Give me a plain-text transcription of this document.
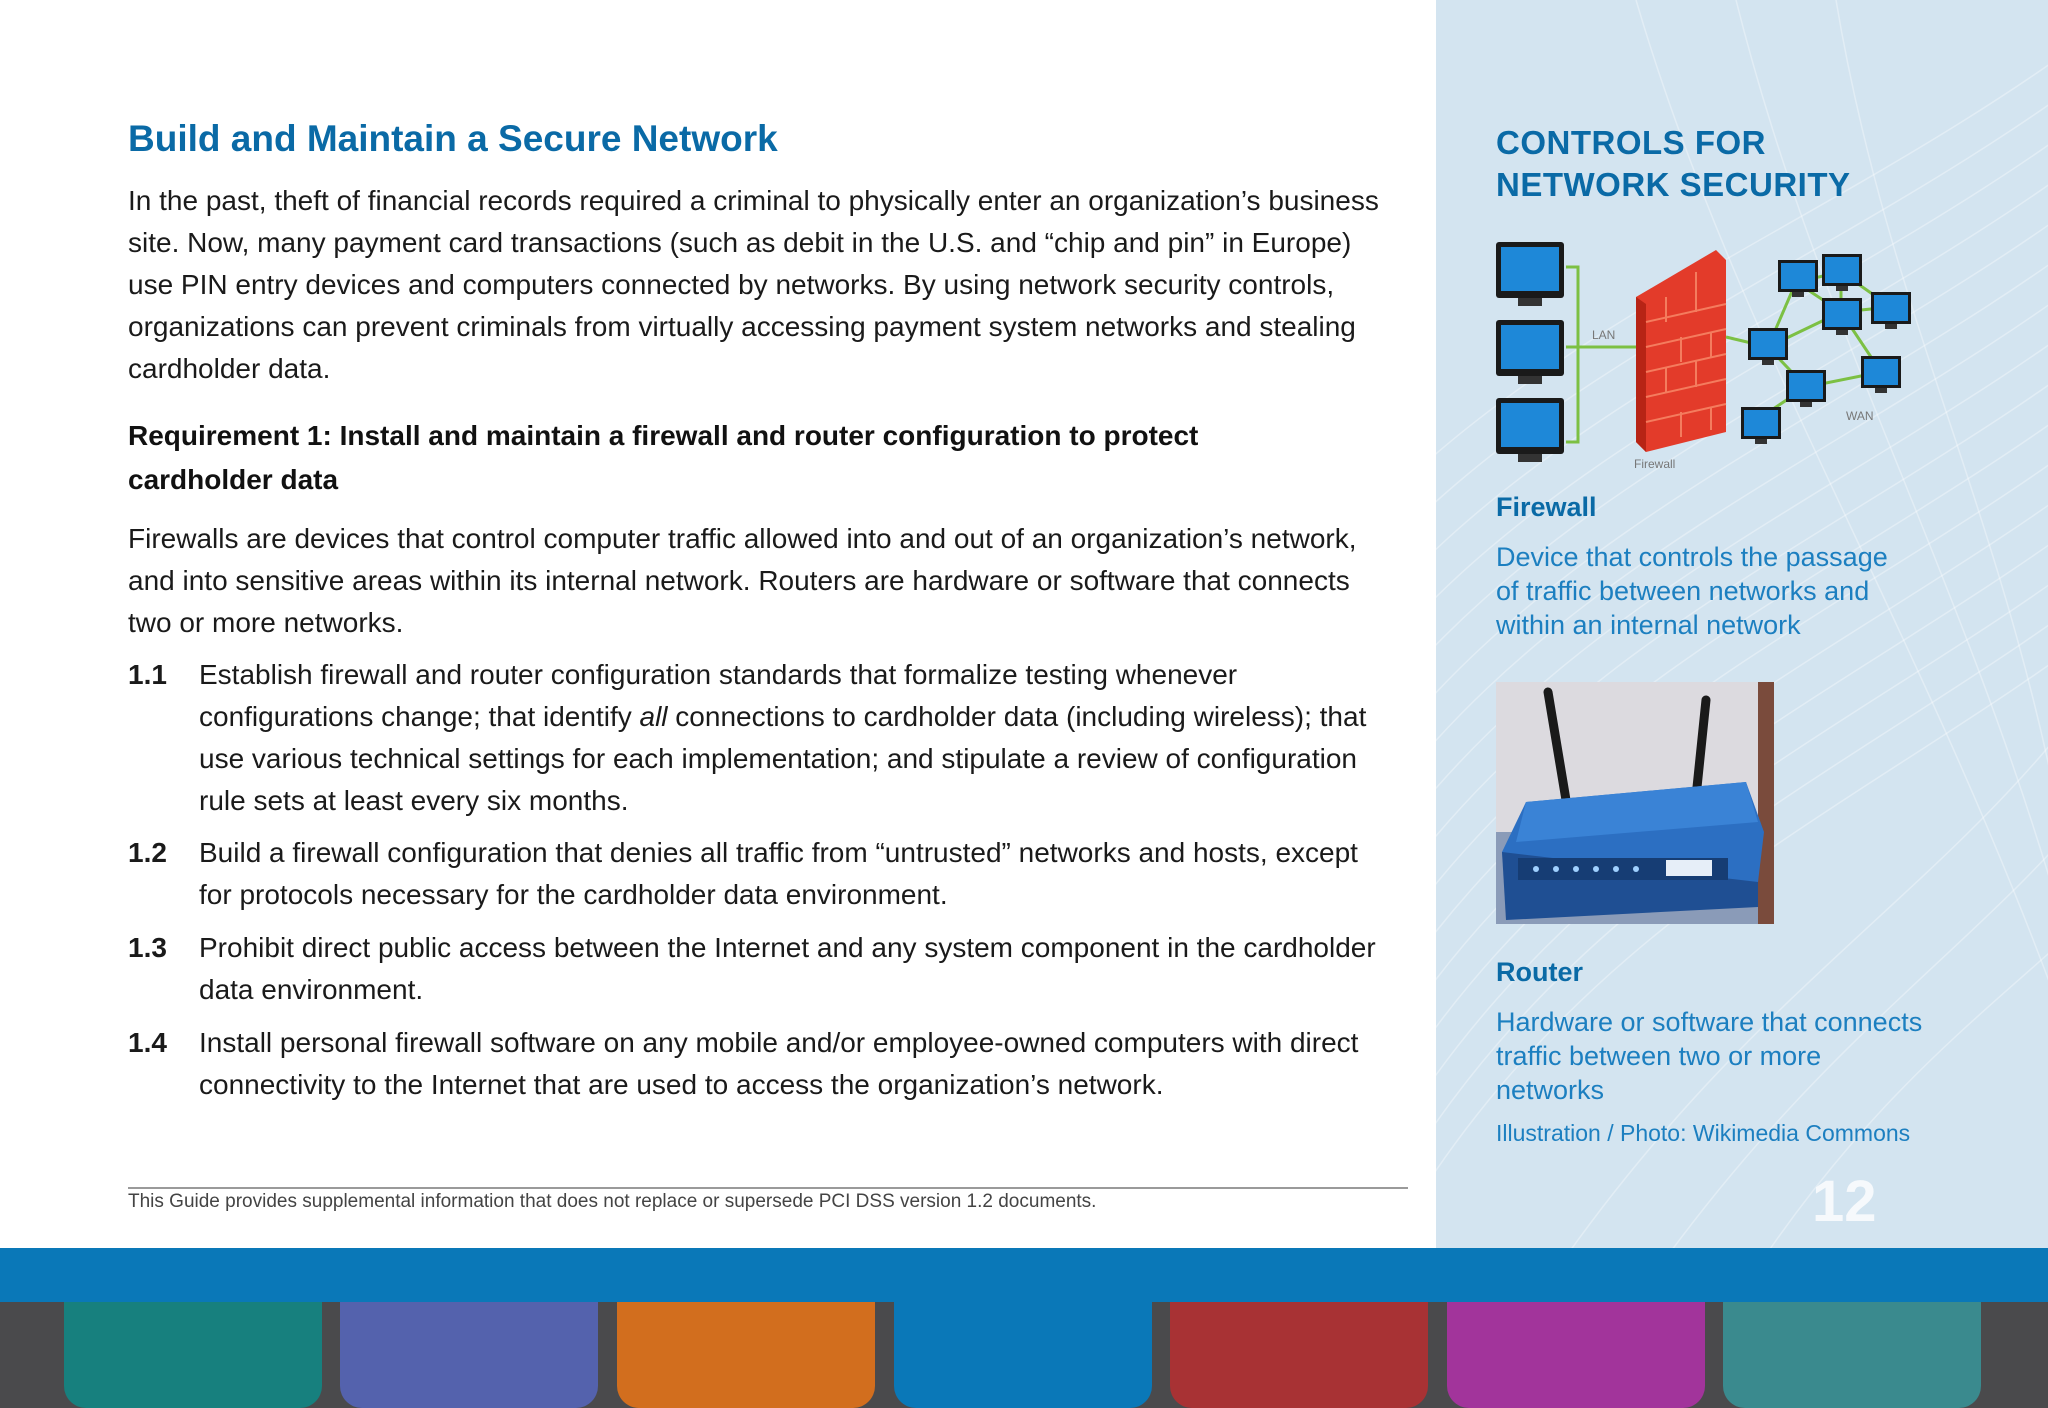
CONTROLS FOR
NETWORK SECURITY
LAN
Firewall
WAN
Firewall
Device that controls the passage
of traffic between networks and
within an internal network
Router
Hardware or software that connects
traffic between two or more
networks
Illustration / Photo: Wikimedia Commons
12
Build and Maintain a Secure Network
In the past, theft of financial records required a criminal to physically enter an organization’s business
site. Now, many payment card transactions (such as debit in the U.S. and “chip and pin” in Europe)
use PIN entry devices and computers connected by networks. By using network security controls,
organizations can prevent criminals from virtually accessing payment system networks and stealing
cardholder data.
Requirement 1: Install and maintain a firewall and router configuration to protect
cardholder data
Firewalls are devices that control computer traffic allowed into and out of an organization’s network,
and into sensitive areas within its internal network. Routers are hardware or software that connects
two or more networks.
1.1 Establish firewall and router configuration standards that formalize testing whenever
configurations change; that identify all connections to cardholder data (including wireless); that
use various technical settings for each implementation; and stipulate a review of configuration
rule sets at least every six months.
1.2 Build a firewall configuration that denies all traffic from “untrusted” networks and hosts, except
for protocols necessary for the cardholder data environment.
1.3 Prohibit direct public access between the Internet and any system component in the cardholder
data environment.
1.4 Install personal firewall software on any mobile and/or employee-owned computers with direct
connectivity to the Internet that are used to access the organization’s network.
This Guide provides supplemental information that does not replace or supersede PCI DSS version 1.2 documents.
